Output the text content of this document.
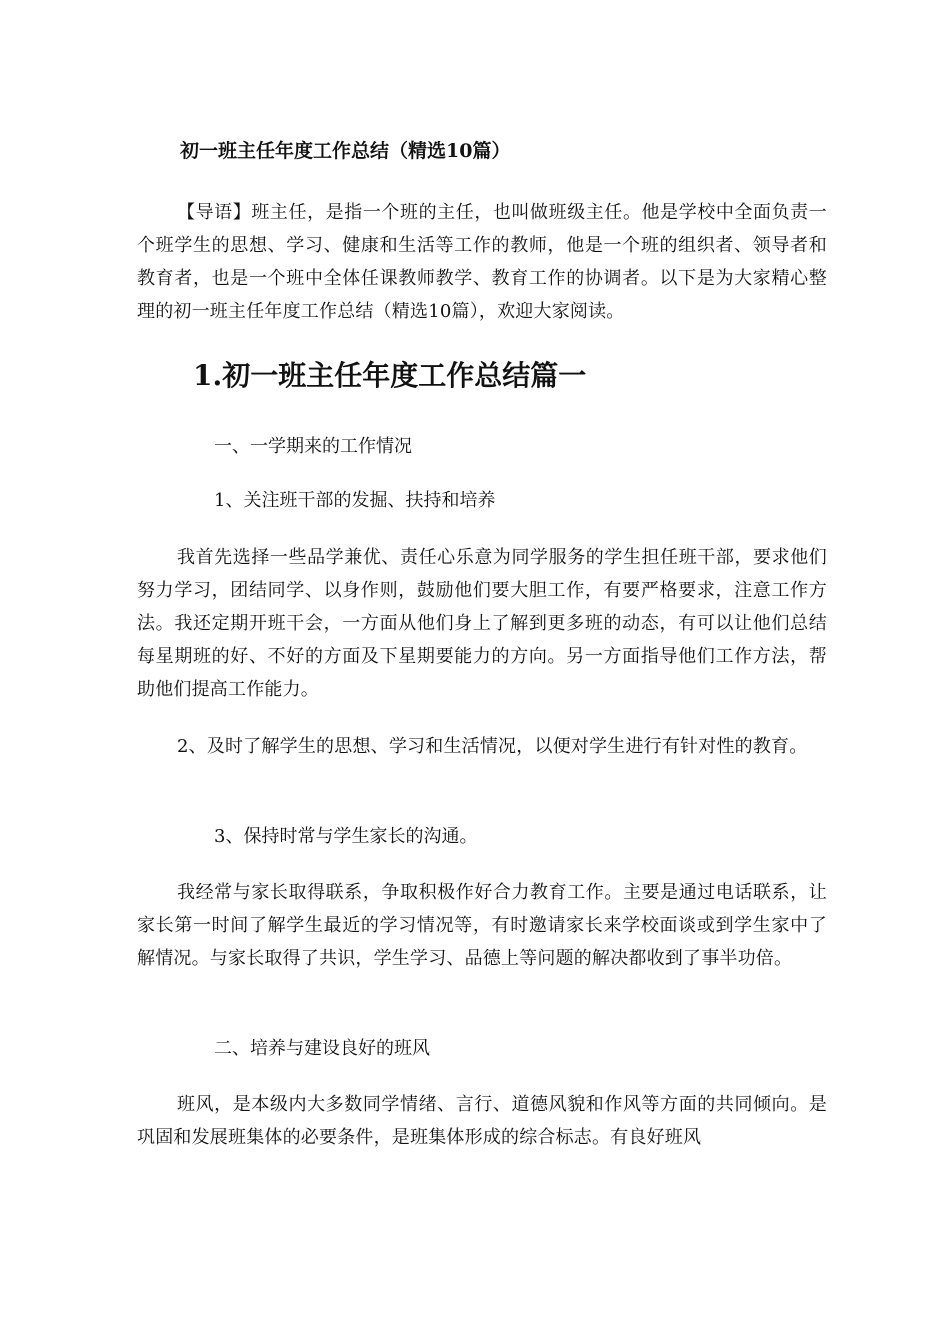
初一班主任年度工作总结（精选10篇）

【导语】班主任，是指一个班的主任，也叫做班级主任。他是学校中全面负责一个班学生的思想、学习、健康和生活等工作的教师，他是一个班的组织者、领导者和教育者，也是一个班中全体任课教师教学、教育工作的协调者。以下是为大家精心整理的初一班主任年度工作总结（精选10篇），欢迎大家阅读。

1.初一班主任年度工作总结篇一

一、一学期来的工作情况

1、关注班干部的发掘、扶持和培养

我首先选择一些品学兼优、责任心乐意为同学服务的学生担任班干部，要求他们努力学习，团结同学、以身作则，鼓励他们要大胆工作，有要严格要求，注意工作方法。我还定期开班干会，一方面从他们身上了解到更多班的动态，有可以让他们总结每星期班的好、不好的方面及下星期要能力的方向。另一方面指导他们工作方法，帮助他们提高工作能力。

2、及时了解学生的思想、学习和生活情况，以便对学生进行有针对性的教育。

3、保持时常与学生家长的沟通。

我经常与家长取得联系，争取积极作好合力教育工作。主要是通过电话联系，让家长第一时间了解学生最近的学习情况等，有时邀请家长来学校面谈或到学生家中了解情况。与家长取得了共识，学生学习、品德上等问题的解决都收到了事半功倍。

二、培养与建设良好的班风

班风，是本级内大多数同学情绪、言行、道德风貌和作风等方面的共同倾向。是巩固和发展班集体的必要条件，是班集体形成的综合标志。有良好班风
